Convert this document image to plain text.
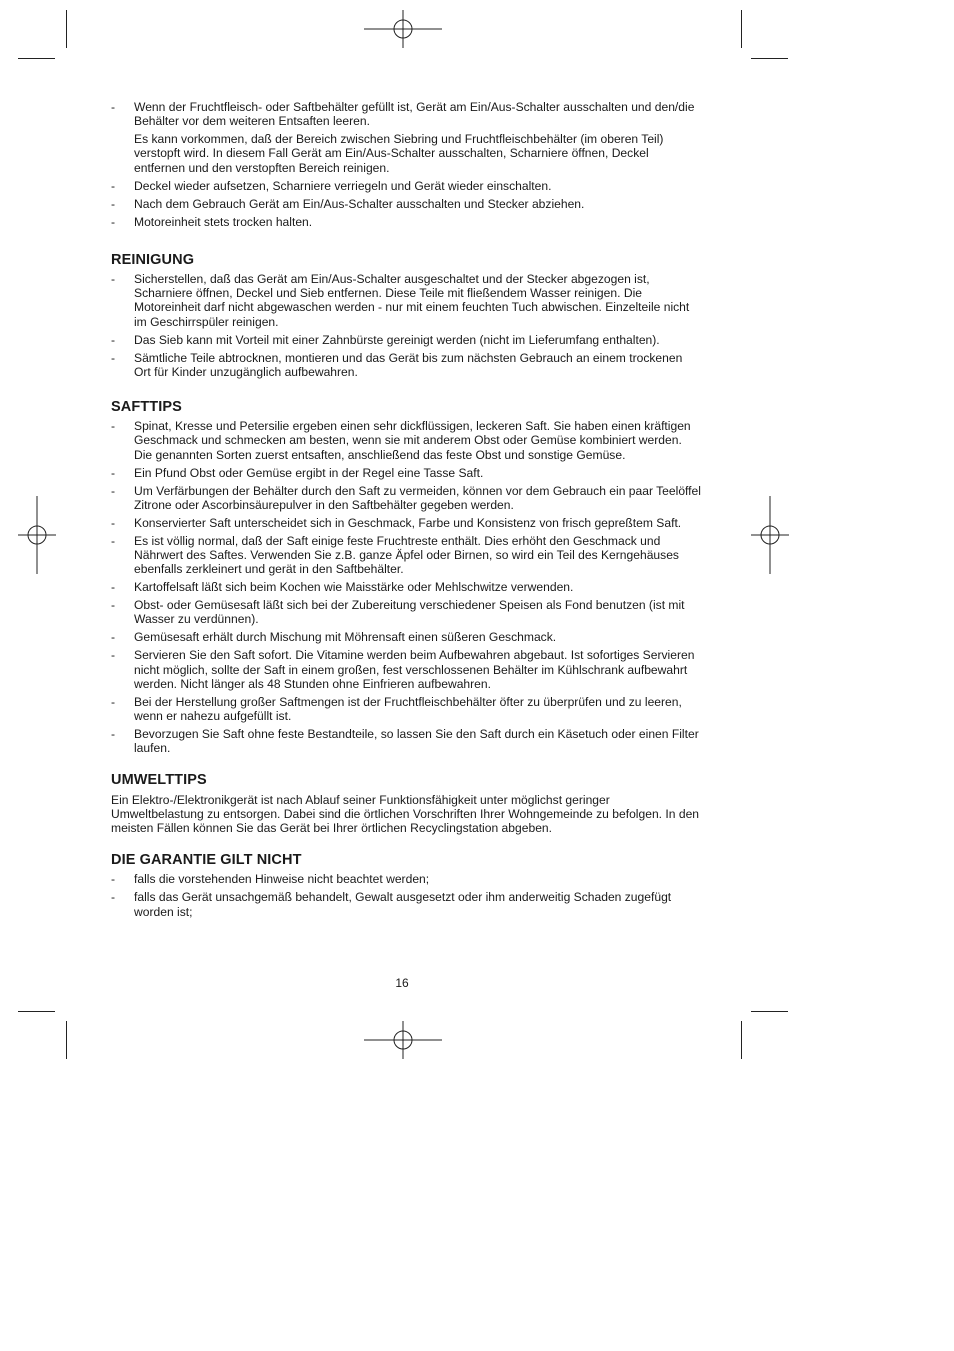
- Wenn der Fruchtfleisch- oder Saftbehälter gefüllt ist, Gerät am Ein/Aus-Schalter ausschalten und den/die Behälter vor dem weiteren Entsaften leeren.
Es kann vorkommen, daß der Bereich zwischen Siebring und Fruchtfleischbehälter (im oberen Teil) verstopft wird. In diesem Fall Gerät am Ein/Aus-Schalter ausschalten, Scharniere öffnen, Deckel entfernen und den verstopften Bereich reinigen.
- Deckel wieder aufsetzen, Scharniere verriegeln und Gerät wieder einschalten.
- Nach dem Gebrauch Gerät am Ein/Aus-Schalter ausschalten und Stecker abziehen.
- Motoreinheit stets trocken halten.
REINIGUNG
- Sicherstellen, daß das Gerät am Ein/Aus-Schalter ausgeschaltet und der Stecker abgezogen ist, Scharniere öffnen, Deckel und Sieb entfernen. Diese Teile mit fließendem Wasser reinigen. Die Motoreinheit darf nicht abgewaschen werden - nur mit einem feuchten Tuch abwischen. Einzelteile nicht im Geschirrspüler reinigen.
- Das Sieb kann mit Vorteil mit einer Zahnbürste gereinigt werden (nicht im Lieferumfang enthalten).
- Sämtliche Teile abtrocknen, montieren und das Gerät bis zum nächsten Gebrauch an einem trockenen Ort für Kinder unzugänglich aufbewahren.
SAFTTIPS
- Spinat, Kresse und Petersilie ergeben einen sehr dickflüssigen, leckeren Saft. Sie haben einen kräftigen Geschmack und schmecken am besten, wenn sie mit anderem Obst oder Gemüse kombiniert werden. Die genannten Sorten zuerst entsaften, anschließend das feste Obst und sonstige Gemüse.
- Ein Pfund Obst oder Gemüse ergibt in der Regel eine Tasse Saft.
- Um Verfärbungen der Behälter durch den Saft zu vermeiden, können vor dem Gebrauch ein paar Teelöffel Zitrone oder Ascorbinsäurepulver in den Saftbehälter gegeben werden.
- Konservierter Saft unterscheidet sich in Geschmack, Farbe und Konsistenz von frisch gepreßtem Saft.
- Es ist völlig normal, daß der Saft einige feste Fruchtreste enthält. Dies erhöht den Geschmack und Nährwert des Saftes. Verwenden Sie z.B. ganze Äpfel oder Birnen, so wird ein Teil des Kerngehäuses ebenfalls zerkleinert und gerät in den Saftbehälter.
- Kartoffelsaft läßt sich beim Kochen wie Maisstärke oder Mehlschwitze verwenden.
- Obst- oder Gemüsesaft läßt sich bei der Zubereitung verschiedener Speisen als Fond benutzen (ist mit Wasser zu verdünnen).
- Gemüsesaft erhält durch Mischung mit Möhrensaft einen süßeren Geschmack.
- Servieren Sie den Saft sofort. Die Vitamine werden beim Aufbewahren abgebaut. Ist sofortiges Servieren nicht möglich, sollte der Saft in einem großen, fest verschlossenen Behälter im Kühlschrank aufbewahrt werden. Nicht länger als 48 Stunden ohne Einfrieren aufbewahren.
- Bei der Herstellung großer Saftmengen ist der Fruchtfleischbehälter öfter zu überprüfen und zu leeren, wenn er nahezu aufgefüllt ist.
- Bevorzugen Sie Saft ohne feste Bestandteile, so lassen Sie den Saft durch ein Käsetuch oder einen Filter laufen.
UMWELTTIPS

Ein Elektro-/Elektronikgerät ist nach Ablauf seiner Funktionsfähigkeit unter möglichst geringer Umweltbelastung zu entsorgen. Dabei sind die örtlichen Vorschriften Ihrer Wohngemeinde zu befolgen. In den meisten Fällen können Sie das Gerät bei Ihrer örtlichen Recyclingstation abgeben.

DIE GARANTIE GILT NICHT
- falls die vorstehenden Hinweise nicht beachtet werden;
- falls das Gerät unsachgemäß behandelt, Gewalt ausgesetzt oder ihm anderweitig Schaden zugefügt worden ist;
16
